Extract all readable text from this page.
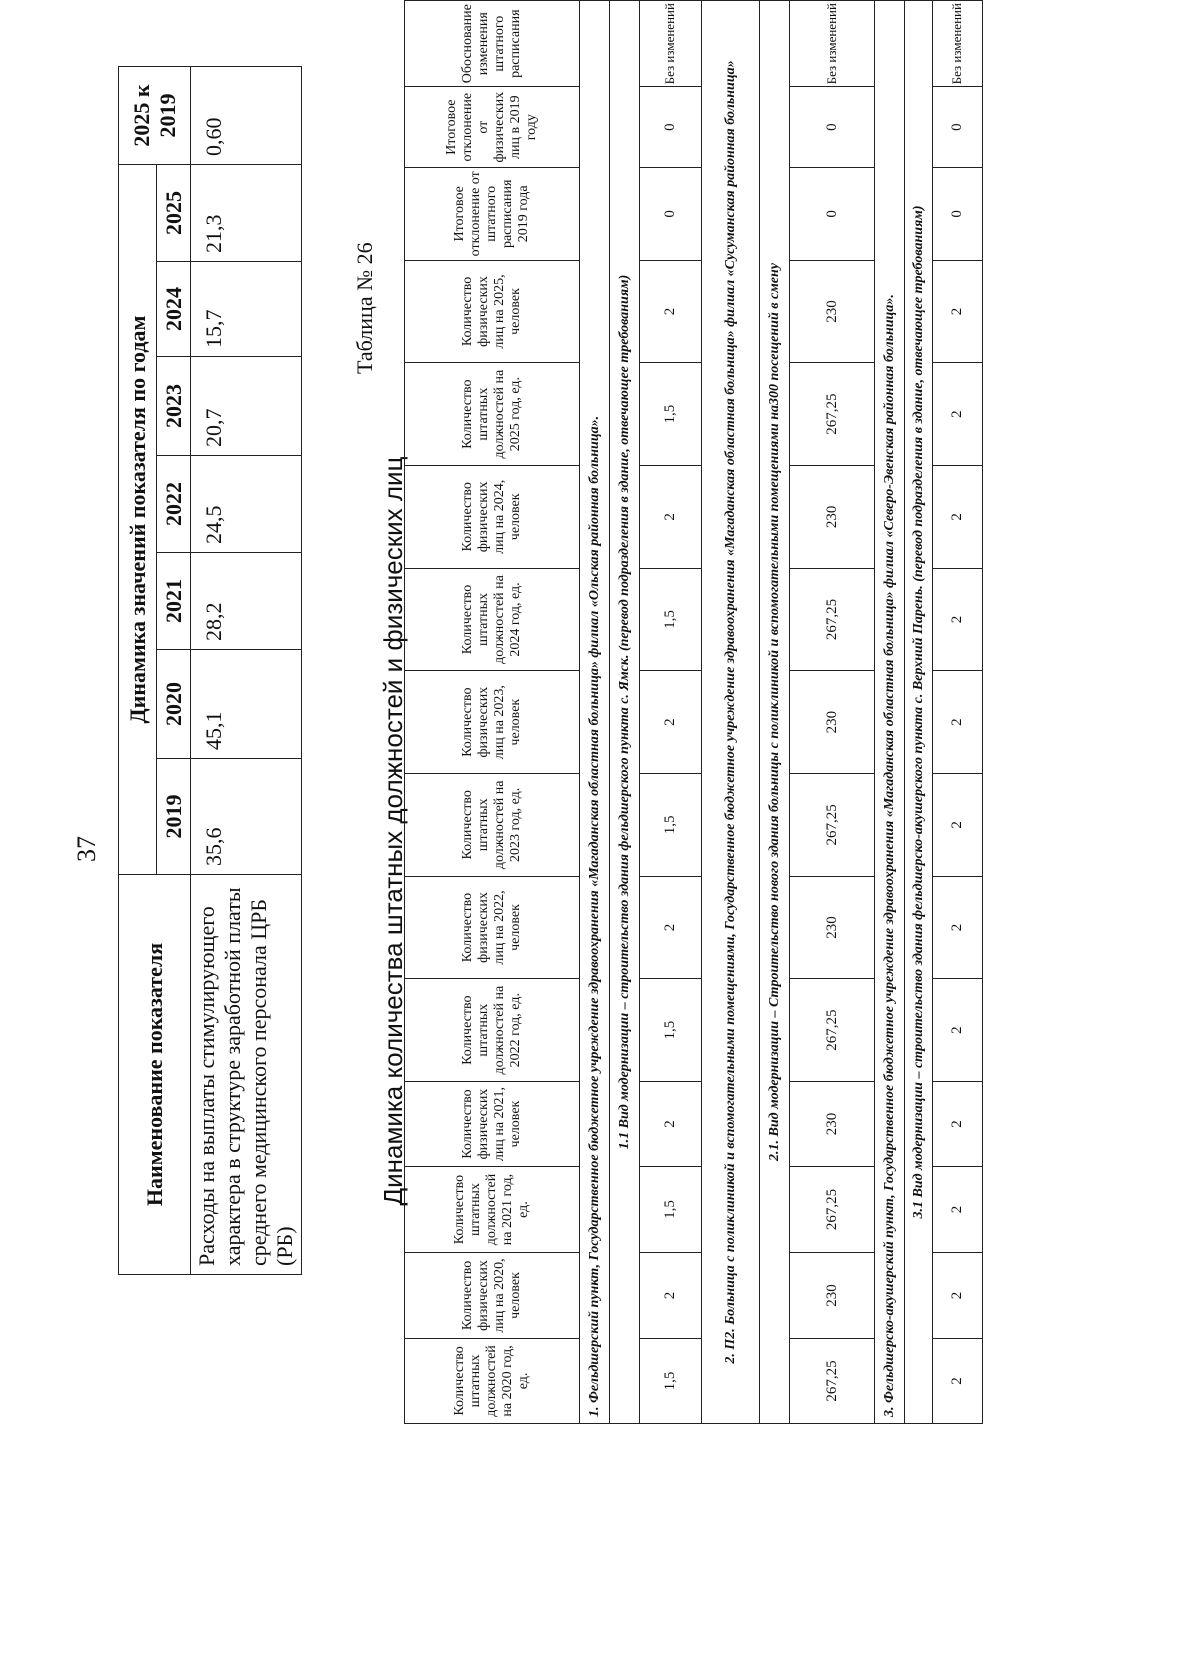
37
Наименование показателя	Динамика значений показателя по годам							2025 к 2019
	2019	2020	2021	2022	2023	2024	2025	
Расходы на выплаты стимулирующего характера в структуре заработной платы среднего медицинского персонала ЦРБ (РБ)	35,6	45,1	28,2	24,5	20,7	15,7	21,3	0,60
Таблица № 26
Динамика количества штатных должностей и физических лиц
Количество штатных должностей на 2020 год, ед.	Количество физических лиц на 2020, человек	Количество штатных должностей на 2021 год, ед.	Количество физических лиц на 2021, человек	Количество штатных должностей на 2022 год, ед.	Количество физических лиц на 2022, человек	Количество штатных должностей на 2023 год, ед.	Количество физических лиц на 2023, человек	Количество штатных должностей на 2024 год, ед.	Количество физических лиц на 2024, человек	Количество штатных должностей на 2025 год, ед.	Количество физических лиц на 2025, человек	Итоговое отклонение от штатного расписания 2019 года	Итоговое отклонение от физических лиц в 2019 году	Обоснование изменения штатного расписания
1. Фельдшерский пункт, Государственное бюджетное учреждение здравоохранения «Магаданская областная больница» филиал «Ольская районная больница».														
1.1 Вид модернизации – строительство здания фельдшерского пункта с. Ямск. (перевод подразделения в здание, отвечающее требованиям)														
1,5	2	1,5	2	1,5	2	1,5	2	1,5	2	1,5	2	0	0	Без изменений
2. П2. Больница с поликлиникой и вспомогательными помещениями, Государственное бюджетное учреждение здравоохранения «Магаданская областная больница» филиал «Сусуманская районная больница»														
2.1. Вид модернизации – Строительство нового здания больницы с поликлиникой и вспомогательными помещениями на300 посещений в смену														
267,25	230	267,25	230	267,25	230	267,25	230	267,25	230	267,25	230	0	0	Без изменений
3. Фельдшерско-акушерский пункт, Государственное бюджетное учреждение здравоохранения «Магаданская областная больница» филиал «Северо-Эвенская районная больница».														
3.1 Вид модернизации – строительство здания фельдшерско-акушерского пункта с. Верхний Парень. (перевод подразделения в здание, отвечающее требованиям)														
2	2	2	2	2	2	2	2	2	2	2	2	0	0	Без изменений
